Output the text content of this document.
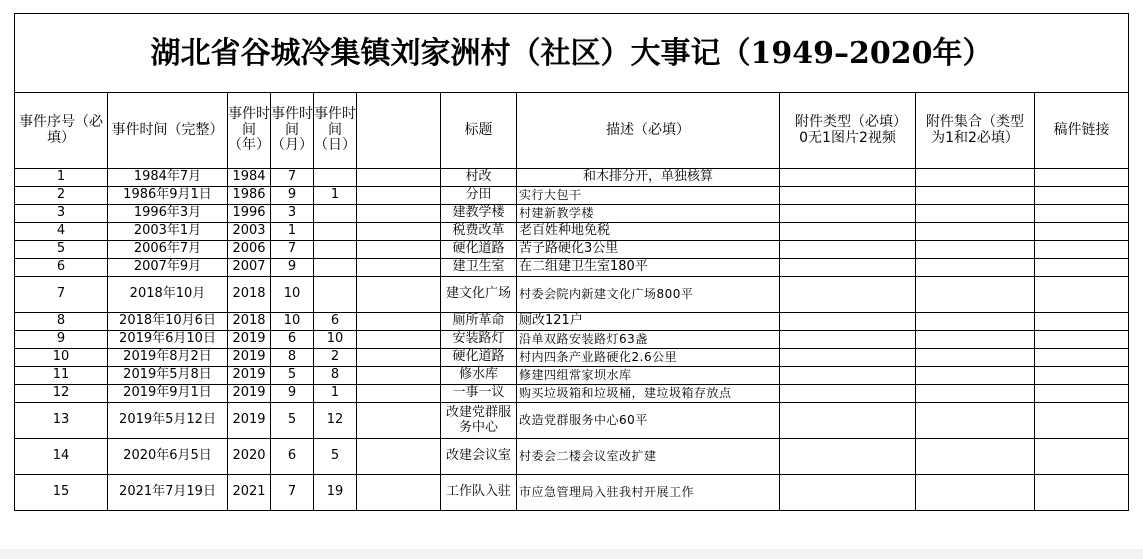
湖北省谷城冷集镇刘家洲村（社区）大事记（1949–2020年）										
事件序号（必填）	事件时间（完整）	事件时间（年）	事件时间（月）	事件时间（日）		标题	描述（必填）	附件类型（必填）0无1图片2视频	附件集合（类型为1和2必填）	稿件链接
1	1984年7月	1984	7			村改	和木排分开，单独核算			
2	1986年9月1日	1986	9	1		分田	实行大包干			
3	1996年3月	1996	3			建教学楼	村建新教学楼			
4	2003年1月	2003	1			税费改革	老百姓种地免税			
5	2006年7月	2006	7			硬化道路	苦子路硬化3公里			
6	2007年9月	2007	9			建卫生室	在二组建卫生室180平			
7	2018年10月	2018	10			建文化广场	村委会院内新建文化广场800平			
8	2018年10月6日	2018	10	6		厕所革命	厕改121户			
9	2019年6月10日	2019	6	10		安装路灯	沿单双路安装路灯63盏			
10	2019年8月2日	2019	8	2		硬化道路	村内四条产业路硬化2.6公里			
11	2019年5月8日	2019	5	8		修水库	修建四组常家坝水库			
12	2019年9月1日	2019	9	1		一事一议	购买垃圾箱和垃圾桶，建垃圾箱存放点			
13	2019年5月12日	2019	5	12		改建党群服务中心	改造党群服务中心60平			
14	2020年6月5日	2020	6	5		改建会议室	村委会二楼会议室改扩建			
15	2021年7月19日	2021	7	19		工作队入驻	市应急管理局入驻我村开展工作			
